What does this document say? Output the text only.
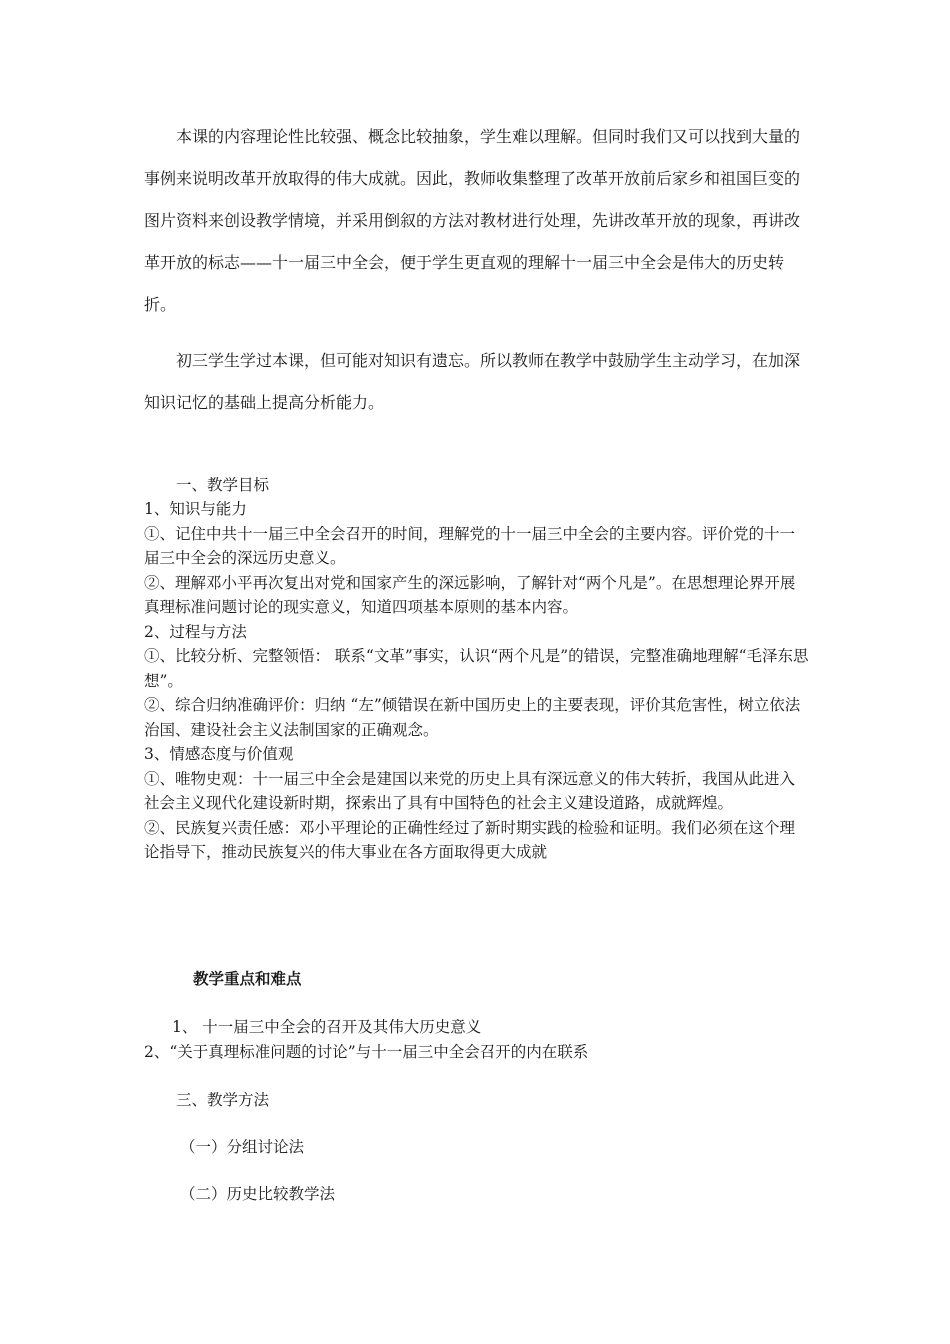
本课的内容理论性比较强、概念比较抽象，学生难以理解。但同时我们又可以找到大量的事例来说明改革开放取得的伟大成就。因此，教师收集整理了改革开放前后家乡和祖国巨变的图片资料来创设教学情境，并采用倒叙的方法对教材进行处理，先讲改革开放的现象，再讲改革开放的标志——十一届三中全会，便于学生更直观的理解十一届三中全会是伟大的历史转折。

初三学生学过本课，但可能对知识有遗忘。所以教师在教学中鼓励学生主动学习，在加深知识记忆的基础上提高分析能力。

一、教学目标
1、知识与能力
①、记住中共十一届三中全会召开的时间，理解党的十一届三中全会的主要内容。评价党的十一届三中全会的深远历史意义。
②、理解邓小平再次复出对党和国家产生的深远影响，了解针对“两个凡是”。在思想理论界开展真理标准问题讨论的现实意义，知道四项基本原则的基本内容。
2、过程与方法
①、比较分析、完整领悟： 联系“文革”事实，认识“两个凡是”的错误，完整准确地理解“毛泽东思想”。
②、综合归纳准确评价：归纳 “左”倾错误在新中国历史上的主要表现，评价其危害性，树立依法治国、建设社会主义法制国家的正确观念。
3、情感态度与价值观
①、唯物史观：十一届三中全会是建国以来党的历史上具有深远意义的伟大转折，我国从此进入社会主义现代化建设新时期，探索出了具有中国特色的社会主义建设道路，成就辉煌。
②、民族复兴责任感：邓小平理论的正确性经过了新时期实践的检验和证明。我们必须在这个理论指导下，推动民族复兴的伟大事业在各方面取得更大成就
教学重点和难点
1、 十一届三中全会的召开及其伟大历史意义
2、“关于真理标准问题的讨论”与十一届三中全会召开的内在联系
三、教学方法
（一）分组讨论法
（二）历史比较教学法
